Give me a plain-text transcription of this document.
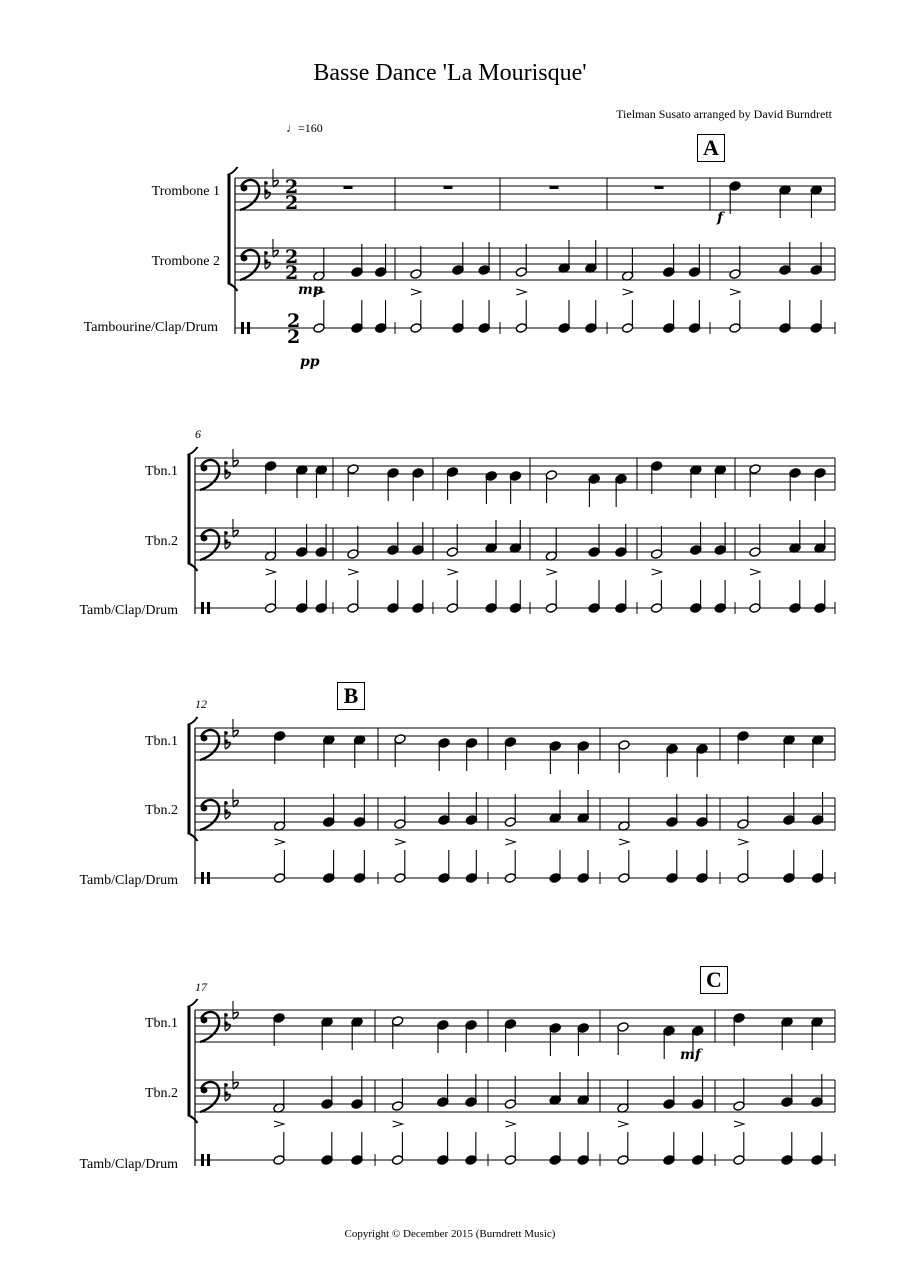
Basse Dance 'La Mourisque'
Tielman Susato arranged by David Burndrett
♩=160
Trombone 1
Trombone 2
Tambourine/Clap/Drum
Tbn.1
Tbn.2
Tamb/Clap/Drum
Tbn.1
Tbn.2
Tamb/Clap/Drum
Tbn.1
Tbn.2
Tamb/Clap/Drum
6
12
17
A
B
C
f
mp
pp
mf
2
2
2
2
2
2
Copyright © December 2015 (Burndrett Music)
